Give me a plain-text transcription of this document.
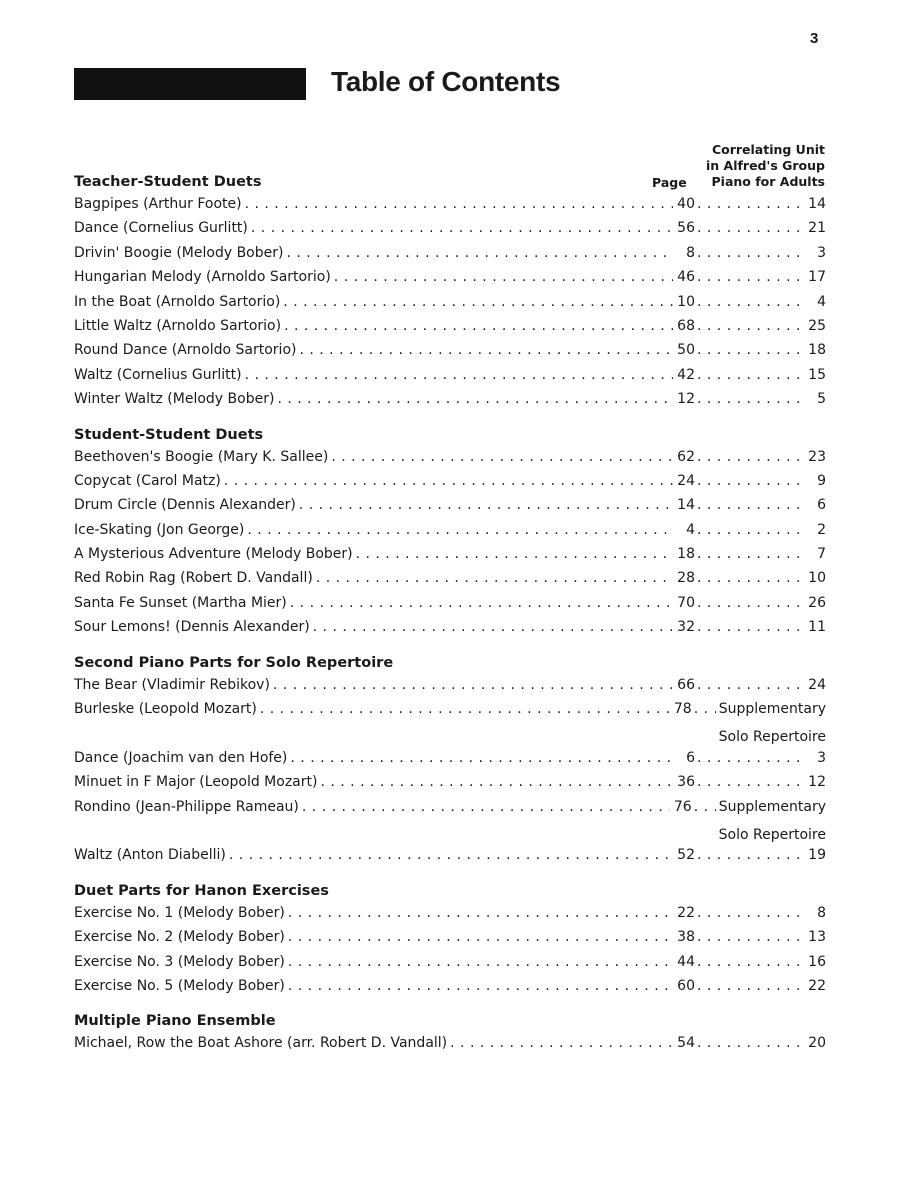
3
Table of Contents
Correlating Unit
in Alfred's Group
Piano for Adults
Page
Teacher-Student Duets
Bagpipes (Arthur Foote) . . .	40 . . .	14
Dance (Cornelius Gurlitt) . . .	56 . . .	21
Drivin' Boogie (Melody Bober) . . .	8 . . .	3
Hungarian Melody (Arnoldo Sartorio) . . .	46 . . .	17
In the Boat (Arnoldo Sartorio) . . .	10 . . .	4
Little Waltz (Arnoldo Sartorio) . . .	68 . . .	25
Round Dance (Arnoldo Sartorio) . . .	50 . . .	18
Waltz (Cornelius Gurlitt) . . .	42 . . .	15
Winter Waltz (Melody Bober) . . .	12 . . .	5
Student-Student Duets
Beethoven's Boogie (Mary K. Sallee) . . .	62 . . .	23
Copycat (Carol Matz) . . .	24 . . .	9
Drum Circle (Dennis Alexander) . . .	14 . . .	6
Ice-Skating (Jon George) . . .	4 . . .	2
A Mysterious Adventure (Melody Bober) . . .	18 . . .	7
Red Robin Rag (Robert D. Vandall) . . .	28 . . .	10
Santa Fe Sunset (Martha Mier) . . .	70 . . .	26
Sour Lemons! (Dennis Alexander) . . .	32 . . .	11
Second Piano Parts for Solo Repertoire
The Bear (Vladimir Rebikov) . . .	66 . . .	24
Burleske (Leopold Mozart) . . .	78 . . . Supplementary
Solo Repertoire
Dance (Joachim van den Hofe) . . .	6 . . .	3
Minuet in F Major (Leopold Mozart) . . .	36 . . .	12
Rondino (Jean-Philippe Rameau) . . .	76 . . . Supplementary
Solo Repertoire
Waltz (Anton Diabelli) . . .	52 . . .	19
Duet Parts for Hanon Exercises
Exercise No. 1 (Melody Bober) . . .	22 . . .	8
Exercise No. 2 (Melody Bober) . . .	38 . . .	13
Exercise No. 3 (Melody Bober) . . .	44 . . .	16
Exercise No. 5 (Melody Bober) . . .	60 . . .	22
Multiple Piano Ensemble
Michael, Row the Boat Ashore (arr. Robert D. Vandall) . . .	54 . . .	20
